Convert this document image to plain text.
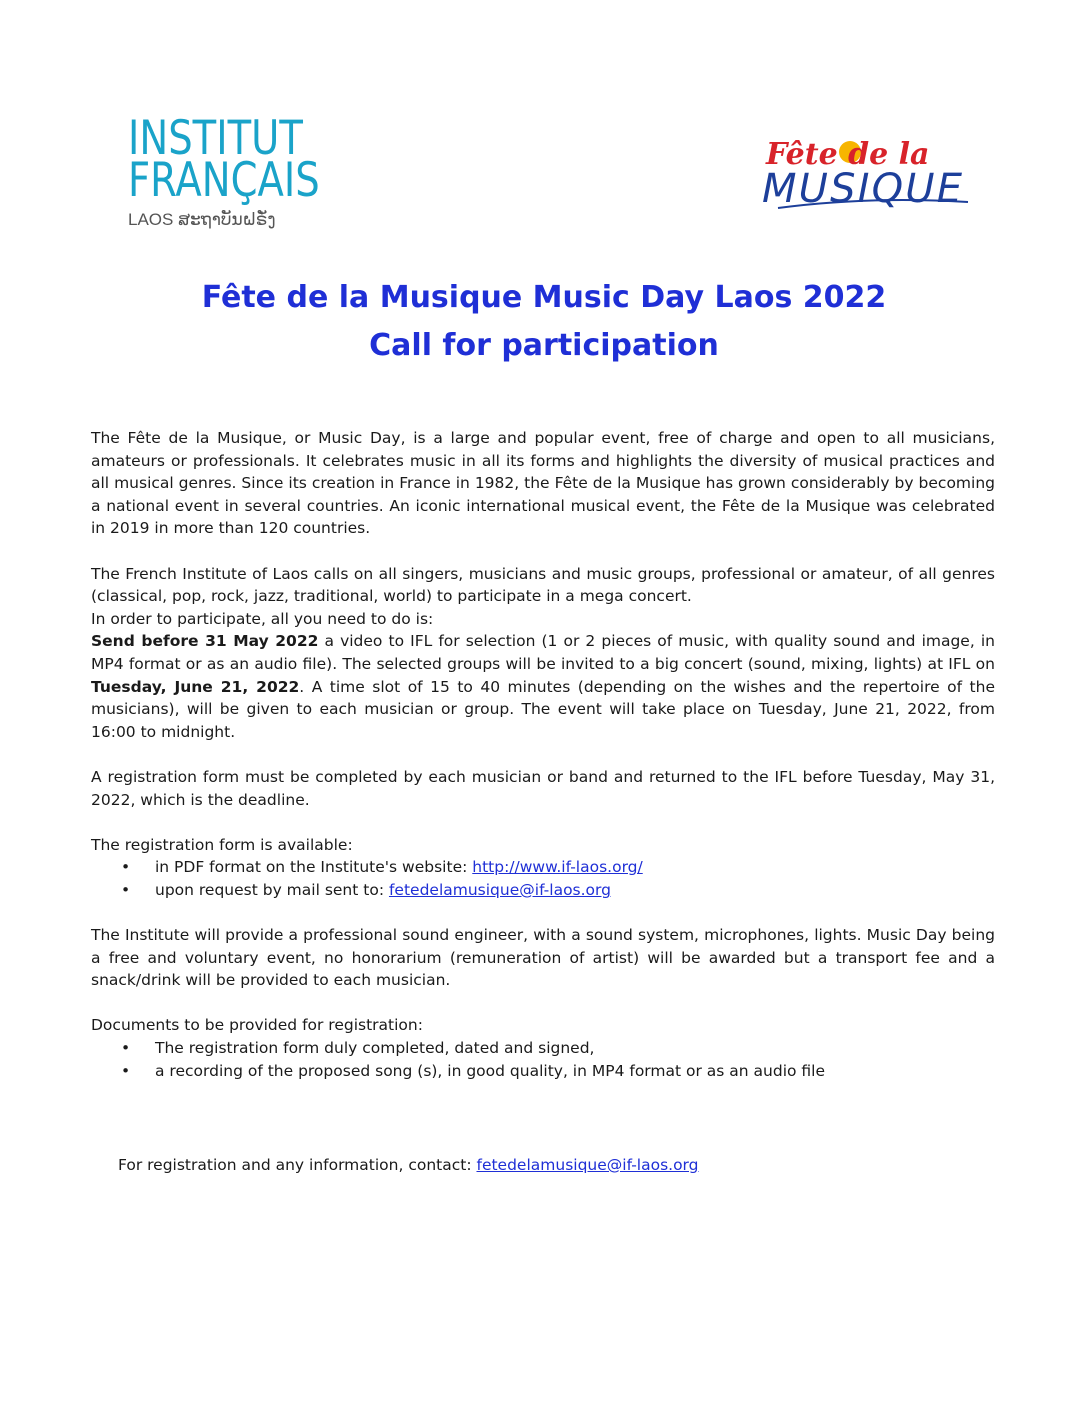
INSTITUT
FRANÇAIS
LAOS ສະຖາບັນຝຣັ່ງ
Fête de la
MUSIQUE
Fête de la Musique Music Day Laos 2022
Call for participation

The Fête de la Musique, or Music Day, is a large and popular event, free of charge and open to all musicians, amateurs or professionals. It celebrates music in all its forms and highlights the diversity of musical practices and all musical genres. Since its creation in France in 1982, the Fête de la Musique has grown considerably by becoming a national event in several countries. An iconic international musical event, the Fête de la Musique was celebrated in 2019 in more than 120 countries.

The French Institute of Laos calls on all singers, musicians and music groups, professional or amateur, of all genres (classical, pop, rock, jazz, traditional, world) to participate in a mega concert.

In order to participate, all you need to do is:

Send before 31 May 2022 a video to IFL for selection (1 or 2 pieces of music, with quality sound and image, in MP4 format or as an audio file). The selected groups will be invited to a big concert (sound, mixing, lights) at IFL on Tuesday, June 21, 2022. A time slot of 15 to 40 minutes (depending on the wishes and the repertoire of the musicians), will be given to each musician or group. The event will take place on Tuesday, June 21, 2022, from 16:00 to midnight.

A registration form must be completed by each musician or band and returned to the IFL before Tuesday, May 31, 2022, which is the deadline.

The registration form is available:

• in PDF format on the Institute's website: http://www.if-laos.org/
• upon request by mail sent to: fetedelamusique@if-laos.org

The Institute will provide a professional sound engineer, with a sound system, microphones, lights. Music Day being a free and voluntary event, no honorarium (remuneration of artist) will be awarded but a transport fee and a snack/drink will be provided to each musician.

Documents to be provided for registration:

• The registration form duly completed, dated and signed,
• a recording of the proposed song (s), in good quality, in MP4 format or as an audio file
For registration and any information, contact: fetedelamusique@if-laos.org
